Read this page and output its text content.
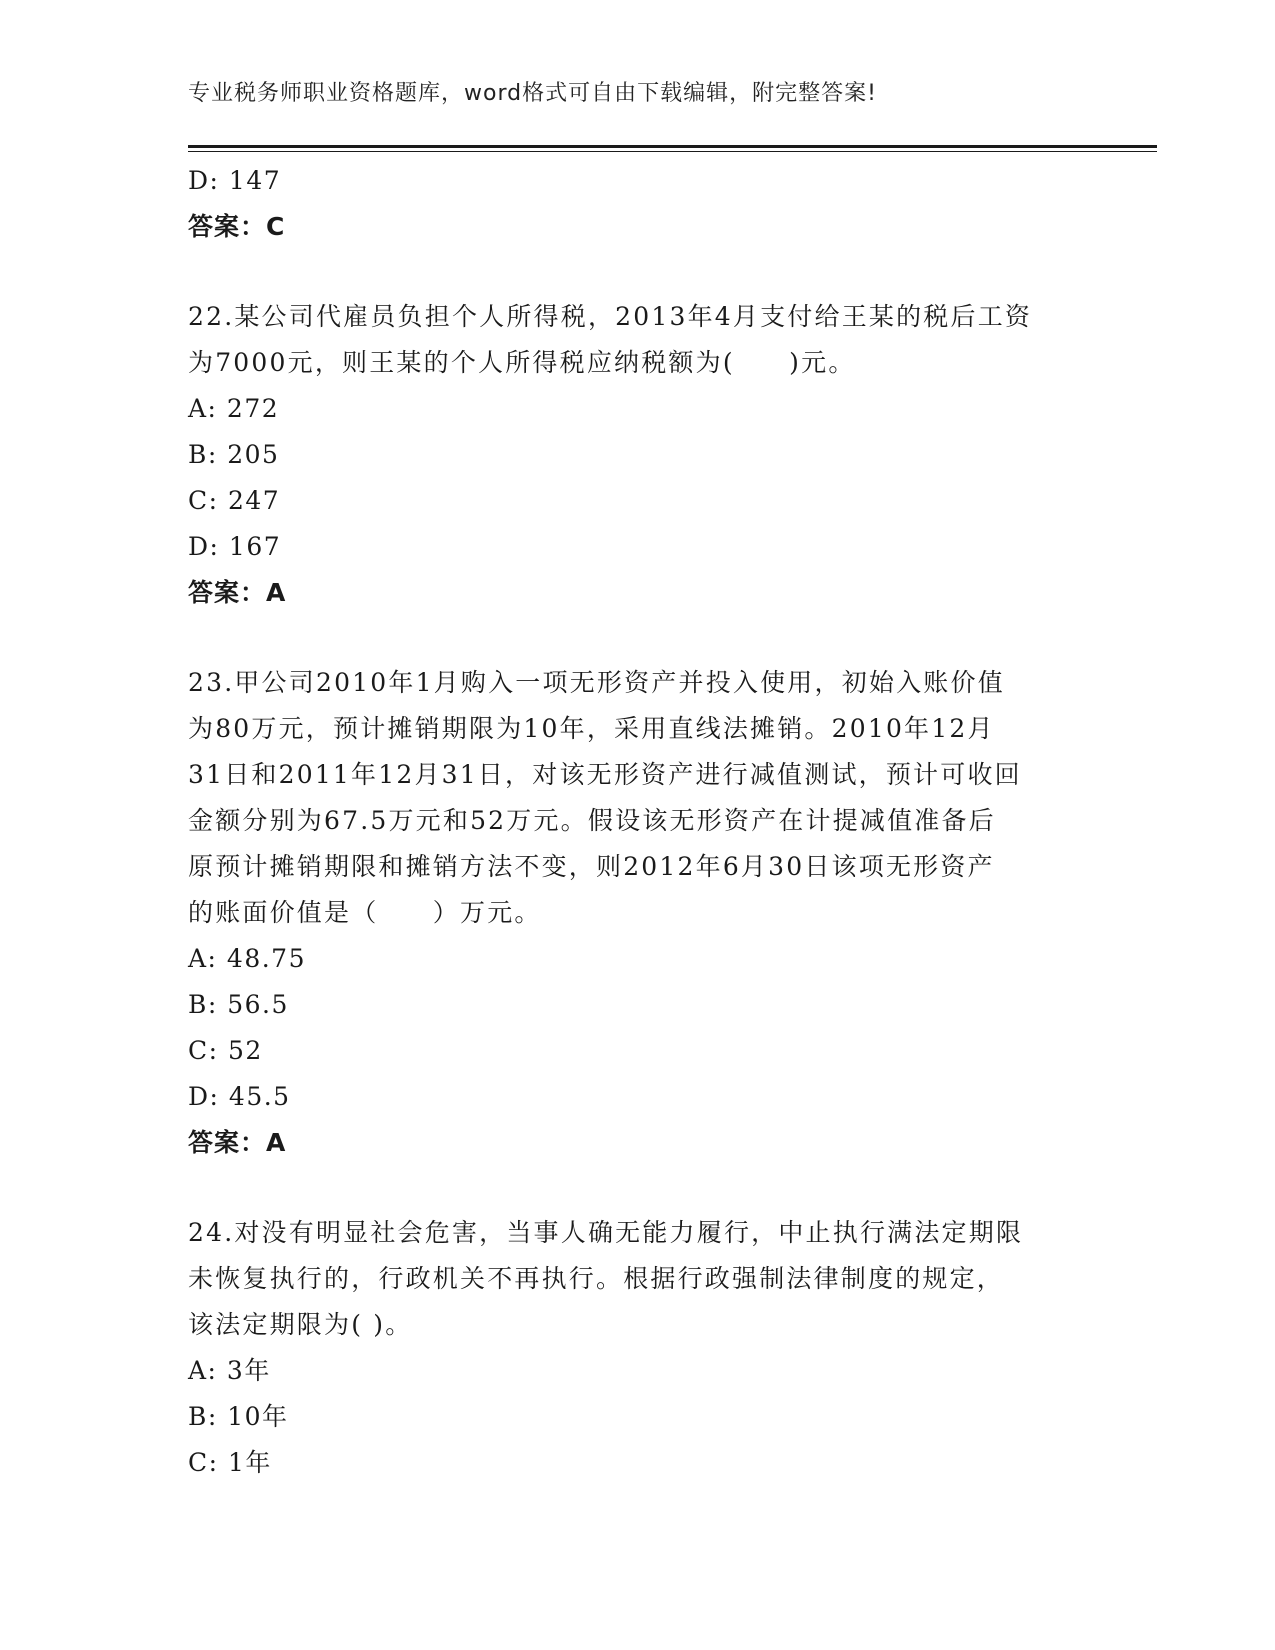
专业税务师职业资格题库，word格式可自由下载编辑，附完整答案!
D: 147
答案：C
22.某公司代雇员负担个人所得税，2013年4月支付给王某的税后工资
为7000元，则王某的个人所得税应纳税额为(　　)元。
A: 272
B: 205
C: 247
D: 167
答案：A
23.甲公司2010年1月购入一项无形资产并投入使用，初始入账价值
为80万元，预计摊销期限为10年，采用直线法摊销。2010年12月
31日和2011年12月31日，对该无形资产进行减值测试，预计可收回
金额分别为67.5万元和52万元。假设该无形资产在计提减值准备后
原预计摊销期限和摊销方法不变，则2012年6月30日该项无形资产
的账面价值是（　　）万元。
A: 48.75
B: 56.5
C: 52
D: 45.5
答案：A
24.对没有明显社会危害，当事人确无能力履行，中止执行满法定期限
未恢复执行的，行政机关不再执行。根据行政强制法律制度的规定，
该法定期限为( )。
A: 3年
B: 10年
C: 1年
